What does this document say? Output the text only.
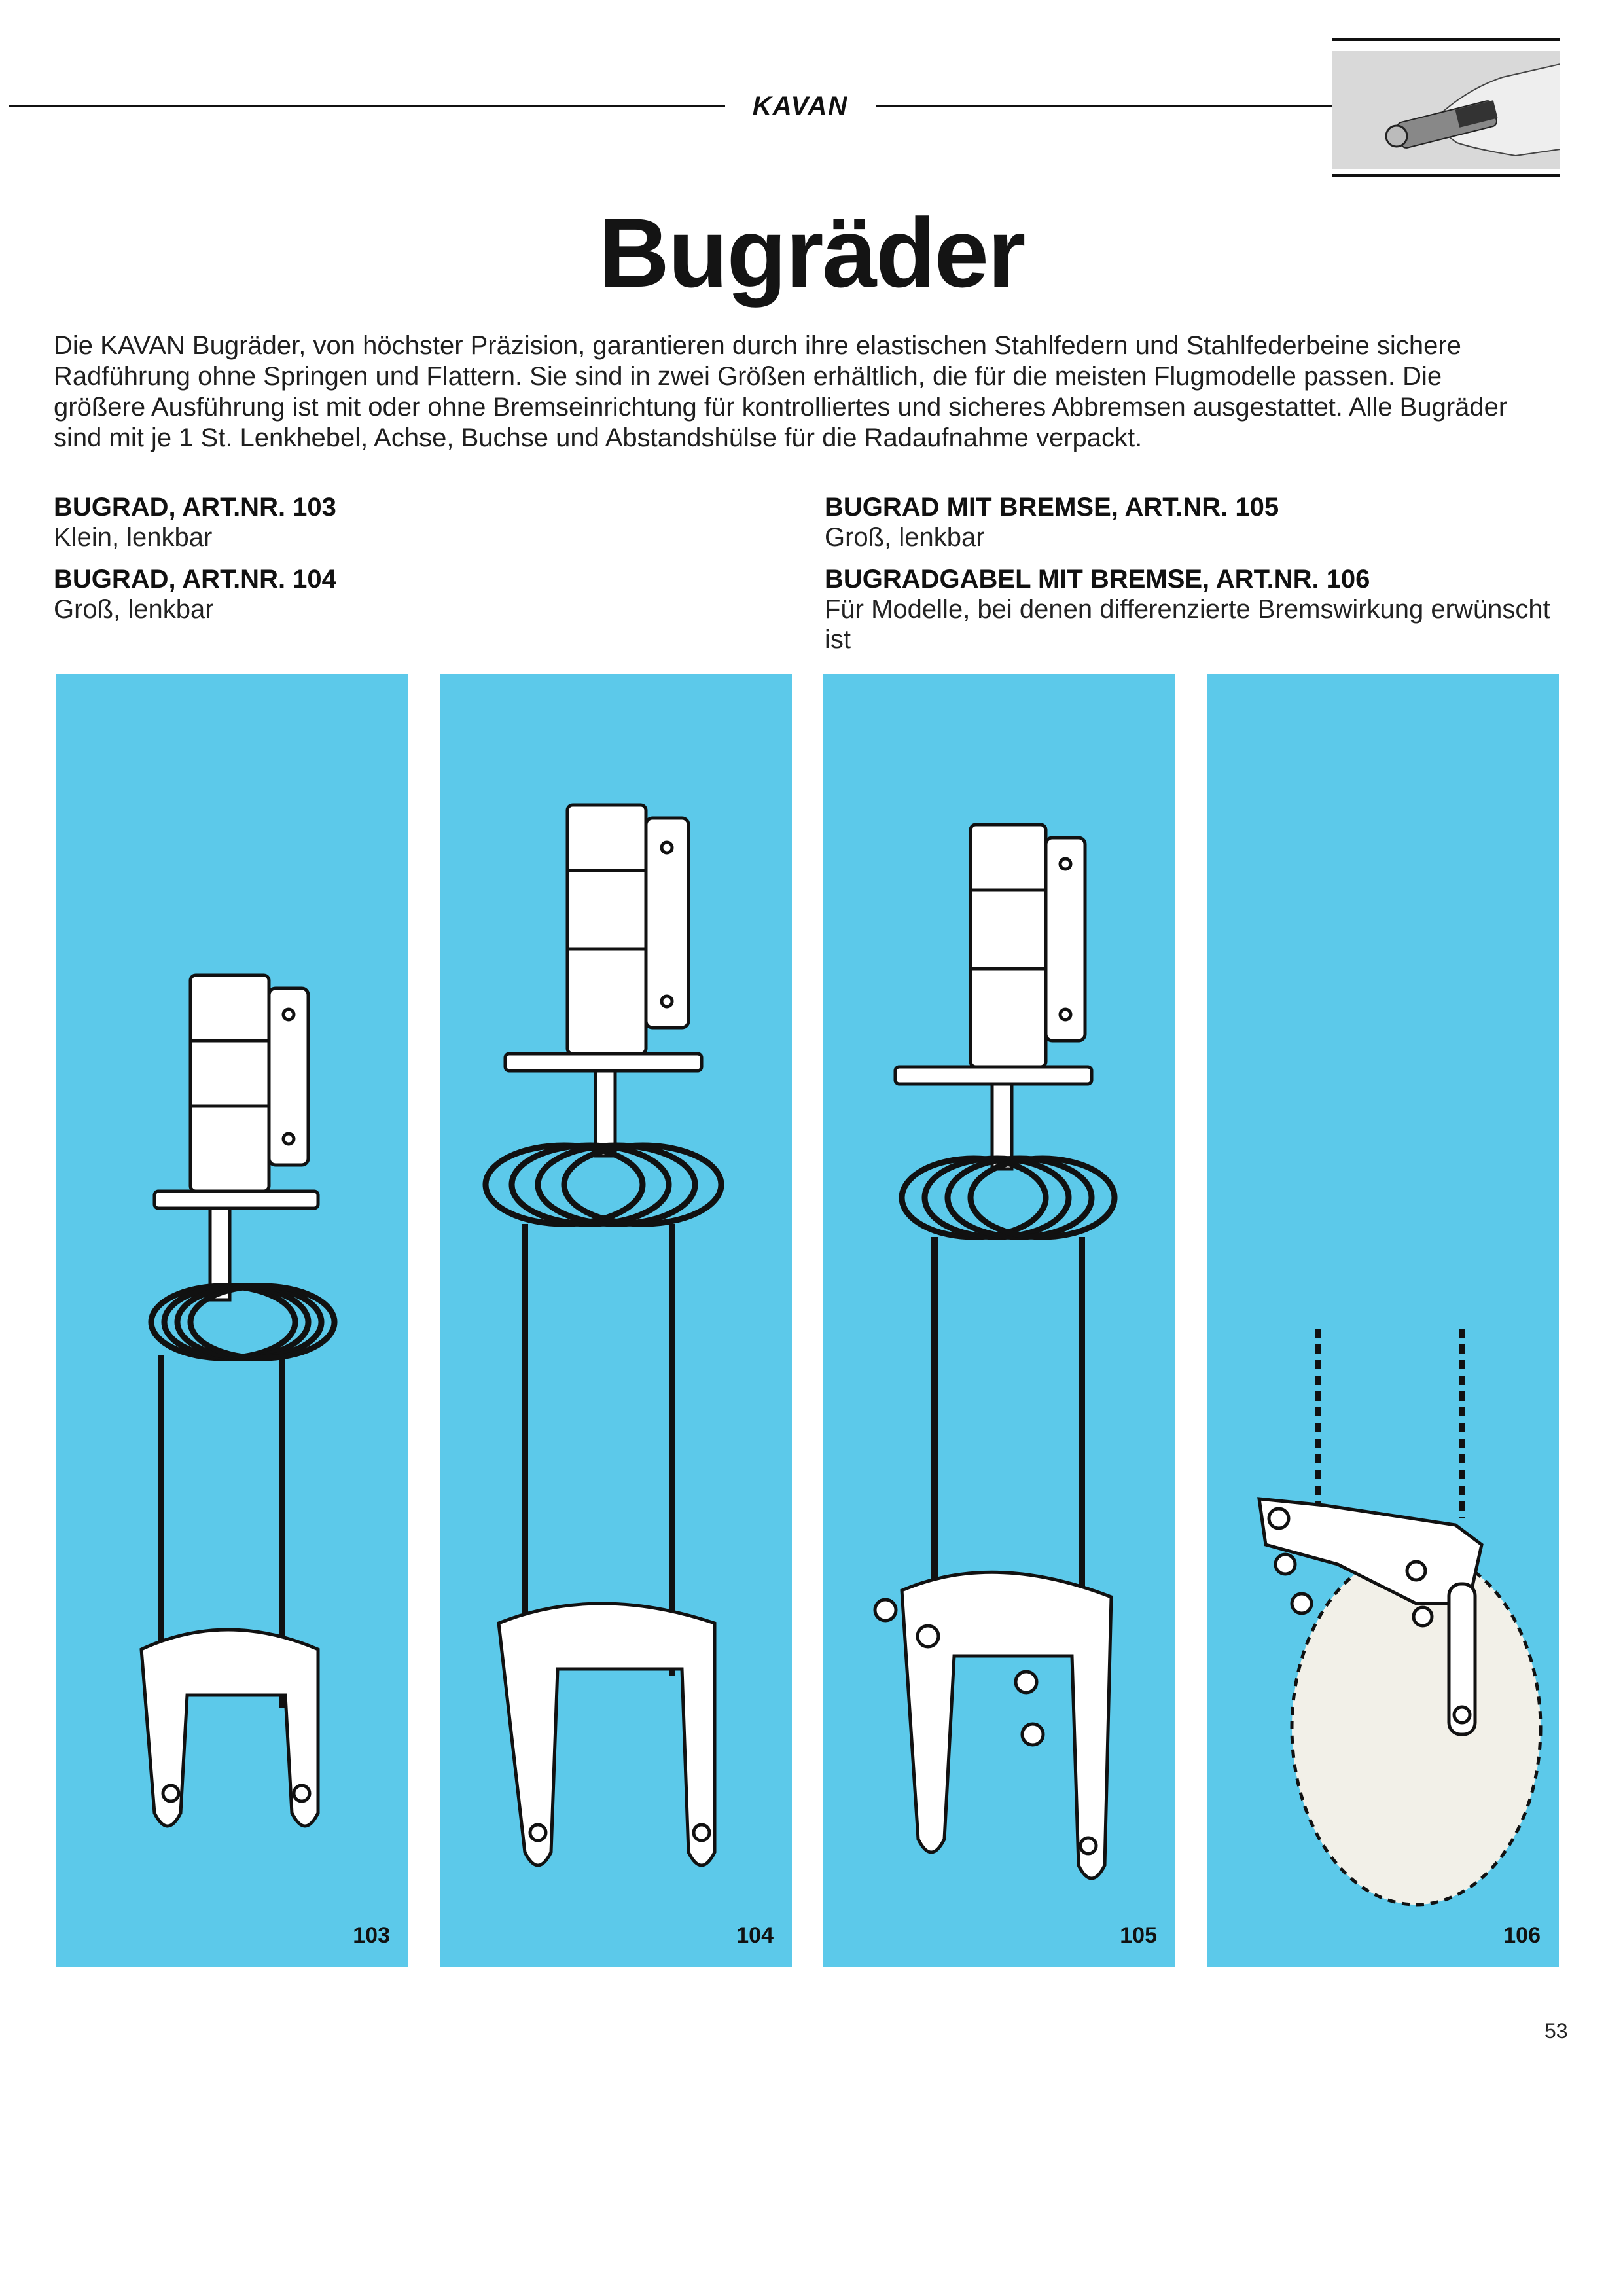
KAVAN
Bugräder

Die KAVAN Bugräder, von höchster Präzision, garantieren durch ihre elastischen Stahlfedern und Stahlfederbeine sichere Radführung ohne Springen und Flattern. Sie sind in zwei Größen erhältlich, die für die meisten Flugmodelle passen. Die größere Ausführung ist mit oder ohne Bremseinrichtung für kontrolliertes und sicheres Abbremsen ausgestattet. Alle Bugräder sind mit je 1 St. Lenkhebel, Achse, Buchse und Abstandshülse für die Radaufnahme verpackt.

BUGRAD, ART.NR. 103
Klein, lenkbar
BUGRAD, ART.NR. 104
Groß, lenkbar
BUGRAD MIT BREMSE, ART.NR. 105
Groß, lenkbar
BUGRADGABEL MIT BREMSE, ART.NR. 106
Für Modelle, bei denen differenzierte Bremswirkung erwünscht ist
103	104	105	106
53
